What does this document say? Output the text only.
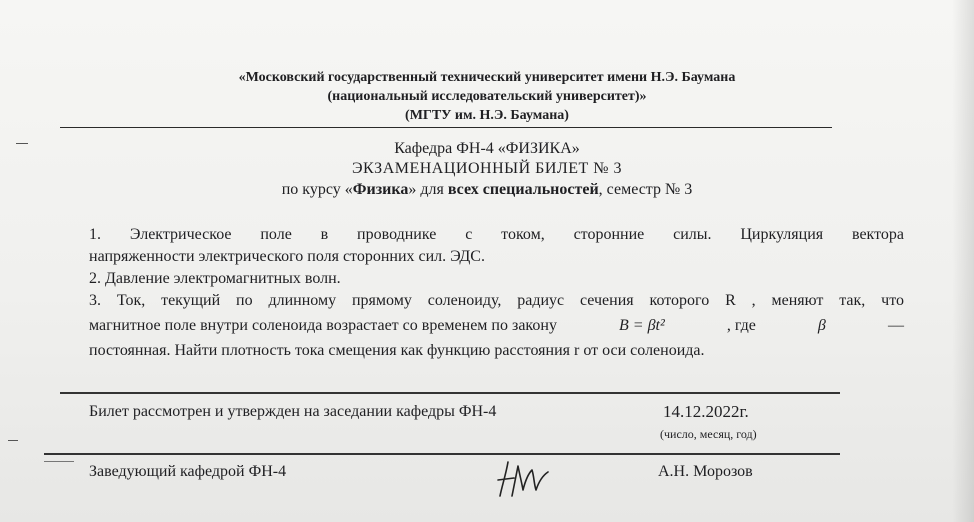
«Московский государственный технический университет имени Н.Э. Баумана
(национальный исследовательский университет)»
(МГТУ им. Н.Э. Баумана)
Кафедра ФН-4 «ФИЗИКА»
ЭКЗАМЕНАЦИОННЫЙ БИЛЕТ № 3
по курсу «Физика» для всех специальностей, семестр № 3
1. Электрическое поле в проводнике с током, сторонние силы. Циркуляция вектора
напряженности электрического поля сторонних сил. ЭДС.
2. Давление электромагнитных волн.
3. Ток, текущий по длинному прямому соленоиду, радиус сечения которого R , меняют так, что
магнитное поле внутри соленоида возрастает со временем по закону	B = βt²	, где	β	—
постоянная. Найти плотность тока смещения как функцию расстояния r от оси соленоида.
Билет рассмотрен и утвержден на заседании кафедры ФН-4	14.12.2022г.
(число, месяц, год)
Заведующий кафедрой ФН-4	А.Н. Морозов
